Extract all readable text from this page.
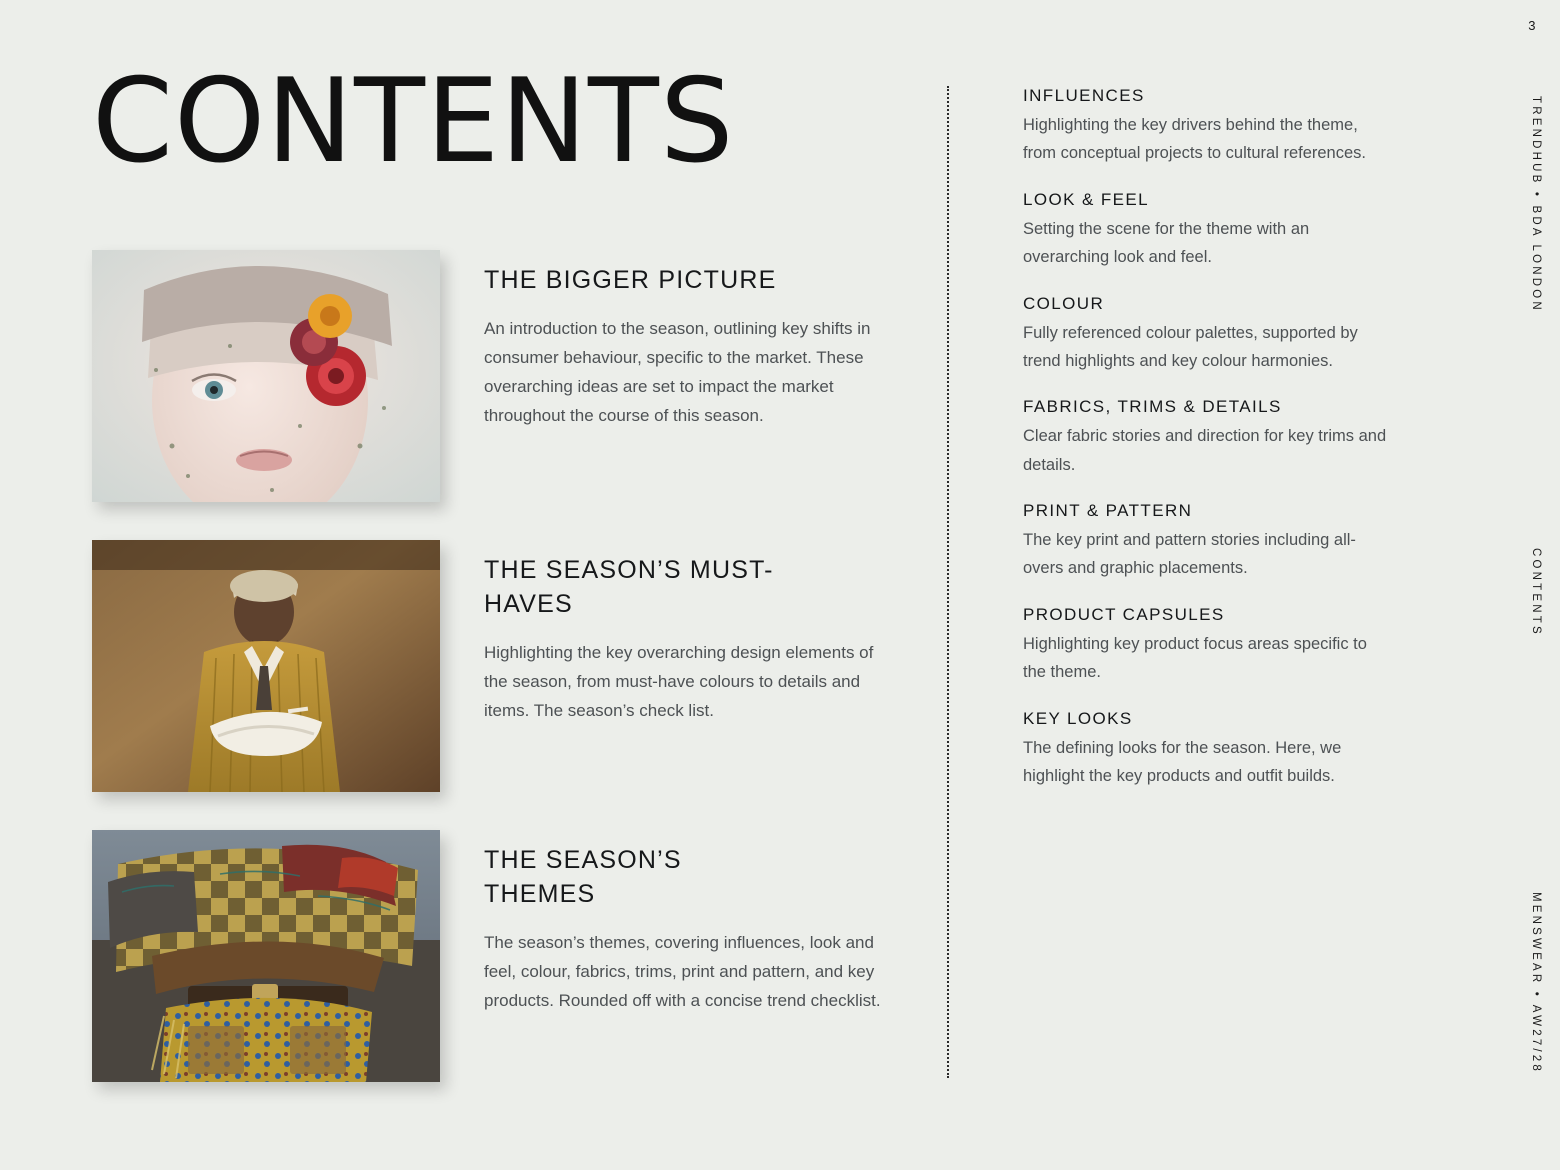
3
TRENDHUB • BDA LONDON
CONTENTS
MENSWEAR • AW27/28
CONTENTS
THE BIGGER PICTURE

An introduction to the season, outlining key shifts in consumer behaviour, specific to the market. These overarching ideas are set to impact the market throughout the course of this season.

THE SEASON’S MUST-HAVES

Highlighting the key overarching design elements of the season, from must-have colours to details and items. The season’s check list.

THE SEASON’S THEMES

The season’s themes, covering influences, look and feel, colour, fabrics, trims, print and pattern, and key products. Rounded off with a concise trend checklist.

INFLUENCES

Highlighting the key drivers behind the theme, from conceptual projects to cultural references.

LOOK & FEEL

Setting the scene for the theme with an overarching look and feel.

COLOUR

Fully referenced colour palettes, supported by trend highlights and key colour harmonies.

FABRICS, TRIMS & DETAILS

Clear fabric stories and direction for key trims and details.

PRINT & PATTERN

The key print and pattern stories including all-overs and graphic placements.

PRODUCT CAPSULES

Highlighting key product focus areas specific to the theme.

KEY LOOKS

The defining looks for the season. Here, we highlight the key products and outfit builds.
